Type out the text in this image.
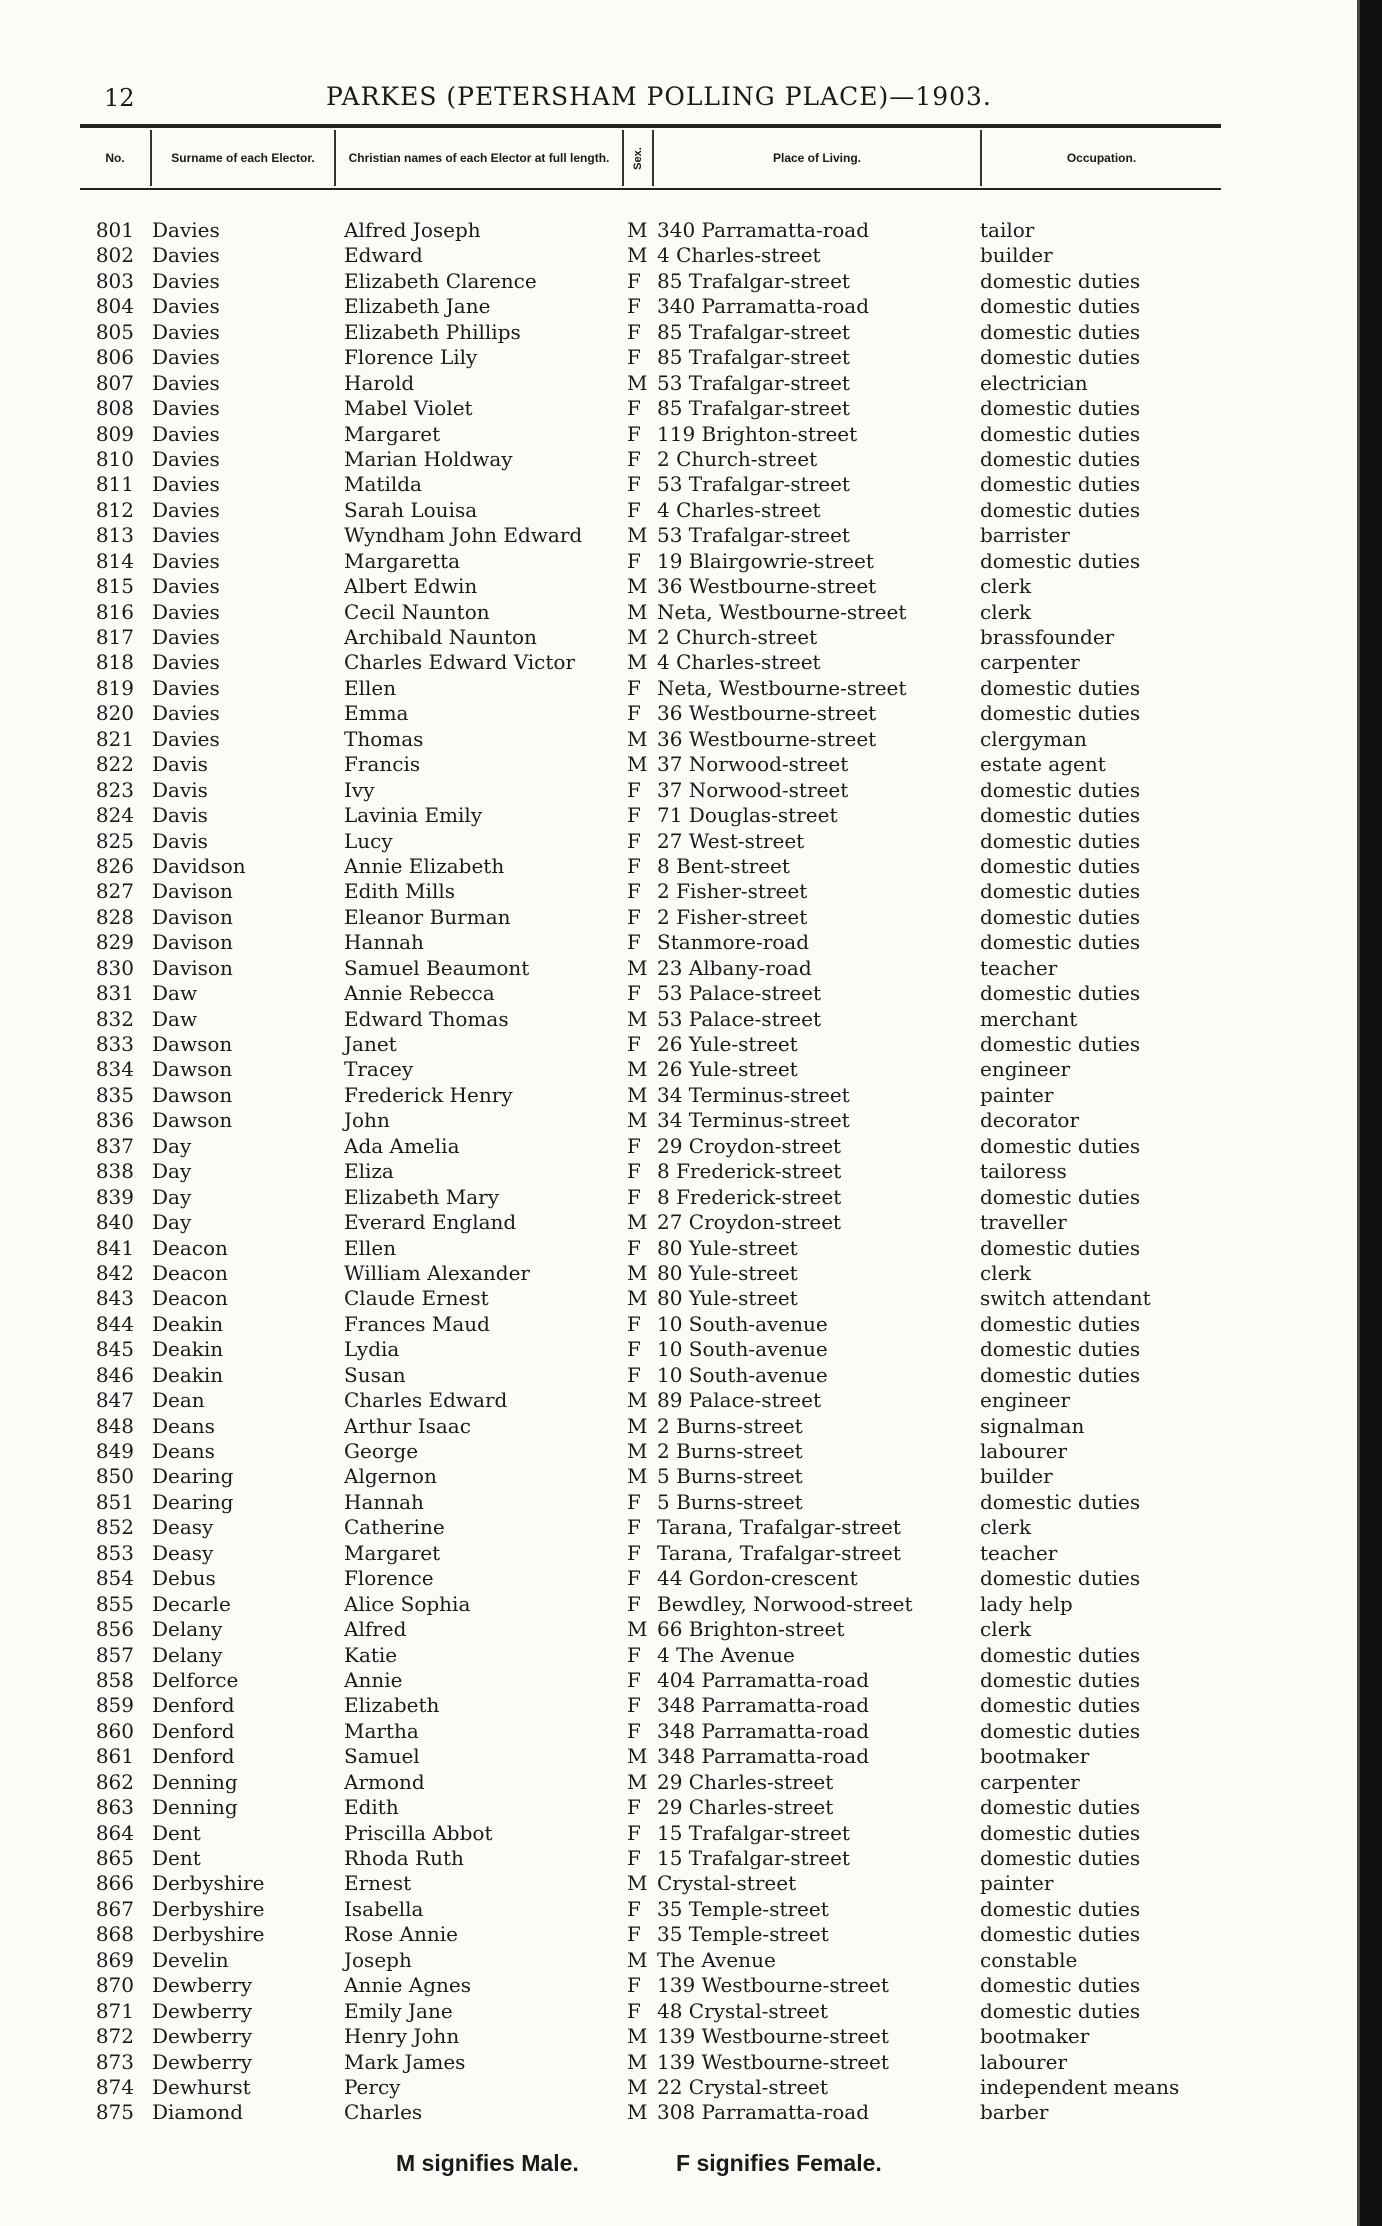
12	PARKES (PETERSHAM POLLING PLACE)—1903.
No.	Surname of each Elector.	Christian names of each Elector at full length.	Sex.	Place of Living.	Occupation.
801 Davies	Alfred Joseph	M 340 Parramatta-road	tailor
802 Davies	Edward	M 4 Charles-street	builder
803 Davies	Elizabeth Clarence	F 85 Trafalgar-street	domestic duties
804 Davies	Elizabeth Jane	F 340 Parramatta-road	domestic duties
805 Davies	Elizabeth Phillips	F 85 Trafalgar-street	domestic duties
806 Davies	Florence Lily	F 85 Trafalgar-street	domestic duties
807 Davies	Harold	M 53 Trafalgar-street	electrician
808 Davies	Mabel Violet	F 85 Trafalgar-street	domestic duties
809 Davies	Margaret	F 119 Brighton-street	domestic duties
810 Davies	Marian Holdway	F 2 Church-street	domestic duties
811 Davies	Matilda	F 53 Trafalgar-street	domestic duties
812 Davies	Sarah Louisa	F 4 Charles-street	domestic duties
813 Davies	Wyndham John Edward M 53 Trafalgar-street	barrister
814 Davies	Margaretta	F 19 Blairgowrie-street	domestic duties
815 Davies	Albert Edwin	M 36 Westbourne-street	clerk
816 Davies	Cecil Naunton	M Neta, Westbourne-street	clerk
817 Davies	Archibald Naunton	M 2 Church-street	brassfounder
818 Davies	Charles Edward Victor	M 4 Charles-street	carpenter
819 Davies	Ellen	F Neta, Westbourne-street	domestic duties
820 Davies	Emma	F 36 Westbourne-street	domestic duties
821 Davies	Thomas	M 36 Westbourne-street	clergyman
822 Davis	Francis	M 37 Norwood-street	estate agent
823 Davis	Ivy	F 37 Norwood-street	domestic duties
824 Davis	Lavinia Emily	F 71 Douglas-street	domestic duties
825 Davis	Lucy	F 27 West-street	domestic duties
826 Davidson	Annie Elizabeth	F 8 Bent-street	domestic duties
827 Davison	Edith Mills	F 2 Fisher-street	domestic duties
828 Davison	Eleanor Burman	F 2 Fisher-street	domestic duties
829 Davison	Hannah	F Stanmore-road	domestic duties
830 Davison	Samuel Beaumont	M 23 Albany-road	teacher
831 Daw	Annie Rebecca	F 53 Palace-street	domestic duties
832 Daw	Edward Thomas	M 53 Palace-street	merchant
833 Dawson	Janet	F 26 Yule-street	domestic duties
834 Dawson	Tracey	M 26 Yule-street	engineer
835 Dawson	Frederick Henry	M 34 Terminus-street	painter
836 Dawson	John	M 34 Terminus-street	decorator
837 Day	Ada Amelia	F 29 Croydon-street	domestic duties
838 Day	Eliza	F 8 Frederick-street	tailoress
839 Day	Elizabeth Mary	F 8 Frederick-street	domestic duties
840 Day	Everard England	M 27 Croydon-street	traveller
841 Deacon	Ellen	F 80 Yule-street	domestic duties
842 Deacon	William Alexander	M 80 Yule-street	clerk
843 Deacon	Claude Ernest	M 80 Yule-street	switch attendant
844 Deakin	Frances Maud	F 10 South-avenue	domestic duties
845 Deakin	Lydia	F 10 South-avenue	domestic duties
846 Deakin	Susan	F 10 South-avenue	domestic duties
847 Dean	Charles Edward	M 89 Palace-street	engineer
848 Deans	Arthur Isaac	M 2 Burns-street	signalman
849 Deans	George	M 2 Burns-street	labourer
850 Dearing	Algernon	M 5 Burns-street	builder
851 Dearing	Hannah	F 5 Burns-street	domestic duties
852 Deasy	Catherine	F Tarana, Trafalgar-street	clerk
853 Deasy	Margaret	F Tarana, Trafalgar-street	teacher
854 Debus	Florence	F 44 Gordon-crescent	domestic duties
855 Decarle	Alice Sophia	F Bewdley, Norwood-street	lady help
856 Delany	Alfred	M 66 Brighton-street	clerk
857 Delany	Katie	F 4 The Avenue	domestic duties
858 Delforce	Annie	F 404 Parramatta-road	domestic duties
859 Denford	Elizabeth	F 348 Parramatta-road	domestic duties
860 Denford	Martha	F 348 Parramatta-road	domestic duties
861 Denford	Samuel	M 348 Parramatta-road	bootmaker
862 Denning	Armond	M 29 Charles-street	carpenter
863 Denning	Edith	F 29 Charles-street	domestic duties
864 Dent	Priscilla Abbot	F 15 Trafalgar-street	domestic duties
865 Dent	Rhoda Ruth	F 15 Trafalgar-street	domestic duties
866 Derbyshire	Ernest	M Crystal-street	painter
867 Derbyshire	Isabella	F 35 Temple-street	domestic duties
868 Derbyshire	Rose Annie	F 35 Temple-street	domestic duties
869 Develin	Joseph	M The Avenue	constable
870 Dewberry	Annie Agnes	F 139 Westbourne-street	domestic duties
871 Dewberry	Emily Jane	F 48 Crystal-street	domestic duties
872 Dewberry	Henry John	M 139 Westbourne-street	bootmaker
873 Dewberry	Mark James	M 139 Westbourne-street	labourer
874 Dewhurst	Percy	M 22 Crystal-street	independent means
875 Diamond	Charles	M 308 Parramatta-road	barber
M signifies Male.	F signifies Female.
